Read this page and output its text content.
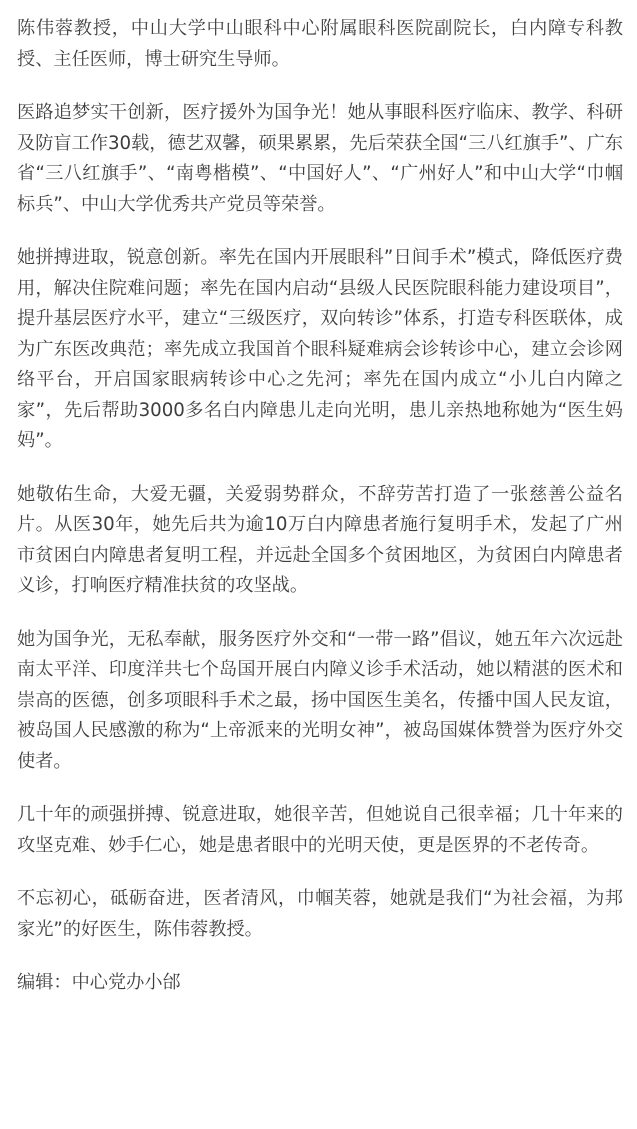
陈伟蓉教授，中山大学中山眼科中心附属眼科医院副院长，白内障专科教授、主任医师，博士研究生导师。

医路追梦实干创新，医疗援外为国争光！她从事眼科医疗临床、教学、科研及防盲工作30载，德艺双馨，硕果累累，先后荣获全国“三八红旗手”、广东省“三八红旗手”、“南粤楷模”、“中国好人”、“广州好人”和中山大学“巾帼标兵”、中山大学优秀共产党员等荣誉。

她拼搏进取，锐意创新。率先在国内开展眼科”日间手术”模式，降低医疗费用，解决住院难问题；率先在国内启动“县级人民医院眼科能力建设项目”，提升基层医疗水平，建立“三级医疗，双向转诊”体系，打造专科医联体，成为广东医改典范；率先成立我国首个眼科疑难病会诊转诊中心，建立会诊网络平台，开启国家眼病转诊中心之先河；率先在国内成立“小儿白内障之家”，先后帮助3000多名白内障患儿走向光明，患儿亲热地称她为“医生妈妈”。

她敬佑生命，大爱无疆，关爱弱势群众，不辞劳苦打造了一张慈善公益名片。从医30年，她先后共为逾10万白内障患者施行复明手术，发起了广州市贫困白内障患者复明工程，并远赴全国多个贫困地区，为贫困白内障患者义诊，打响医疗精准扶贫的攻坚战。

她为国争光，无私奉献，服务医疗外交和“一带一路”倡议，她五年六次远赴南太平洋、印度洋共七个岛国开展白内障义诊手术活动，她以精湛的医术和崇高的医德，创多项眼科手术之最，扬中国医生美名，传播中国人民友谊，被岛国人民感激的称为“上帝派来的光明女神”，被岛国媒体赞誉为医疗外交使者。

几十年的顽强拼搏、锐意进取，她很辛苦，但她说自己很幸福；几十年来的攻坚克难、妙手仁心，她是患者眼中的光明天使，更是医界的不老传奇。

不忘初心，砥砺奋进，医者清风，巾帼芙蓉，她就是我们“为社会福，为邦家光”的好医生，陈伟蓉教授。

编辑：中心党办小邰
